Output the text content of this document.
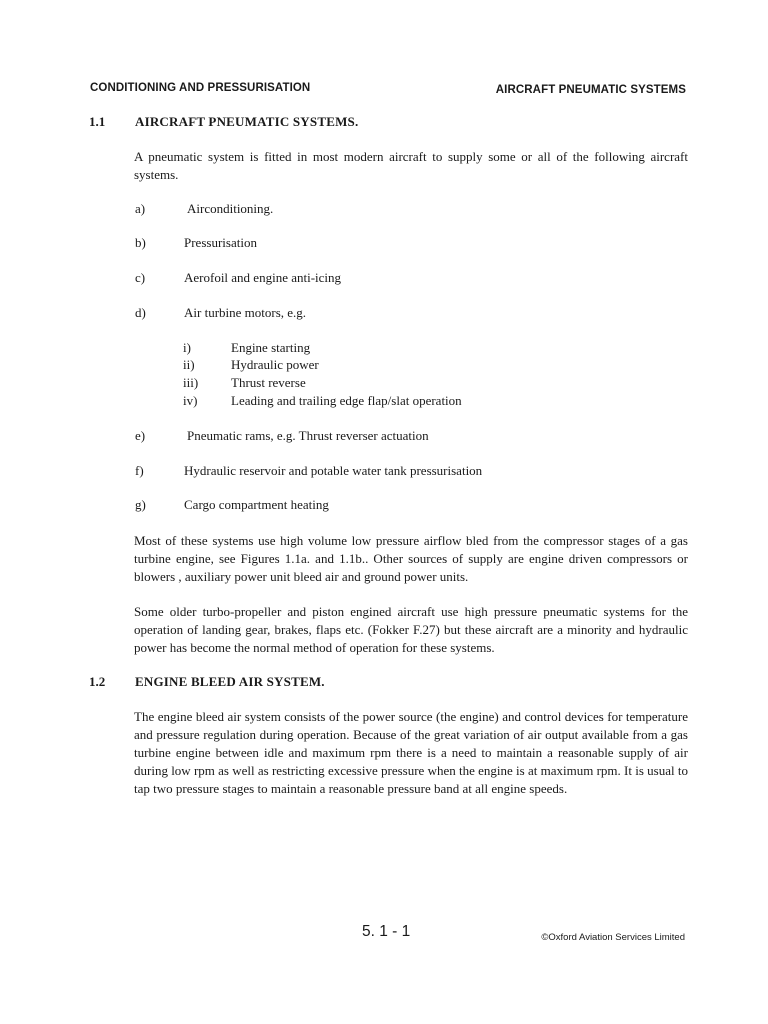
CONDITIONING AND PRESSURISATION	AIRCRAFT PNEUMATIC SYSTEMS
1.1 AIRCRAFT PNEUMATIC SYSTEMS.

A pneumatic system is fitted in most modern aircraft to supply some or all of the following aircraft systems.

a)	Airconditioning.
b)	Pressurisation
c)	Aerofoil and engine anti-icing
d)	Air turbine motors, e.g.
i)	Engine starting
ii)	Hydraulic power
iii)	Thrust reverse
iv)	Leading and trailing edge flap/slat operation
e)	Pneumatic rams, e.g. Thrust reverser actuation
f)	Hydraulic reservoir and potable water tank pressurisation
g)	Cargo compartment heating

Most of these systems use high volume low pressure airflow bled from the compressor stages of a gas turbine engine, see Figures 1.1a. and 1.1b.. Other sources of supply are engine driven compressors or blowers , auxiliary power unit bleed air and ground power units.

Some older turbo-propeller and piston engined aircraft use high pressure pneumatic systems for the operation of landing gear, brakes, flaps etc. (Fokker F.27) but these aircraft are a minority and hydraulic power has become the normal method of operation for these systems.

1.2 ENGINE BLEED AIR SYSTEM.

The engine bleed air system consists of the power source (the engine) and control devices for temperature and pressure regulation during operation. Because of the great variation of air output available from a gas turbine engine between idle and maximum rpm there is a need to maintain a reasonable supply of air during low rpm as well as restricting excessive pressure when the engine is at maximum rpm. It is usual to tap two pressure stages to maintain a reasonable pressure band at all engine speeds.

5. 1 - 1	©Oxford Aviation Services Limited
